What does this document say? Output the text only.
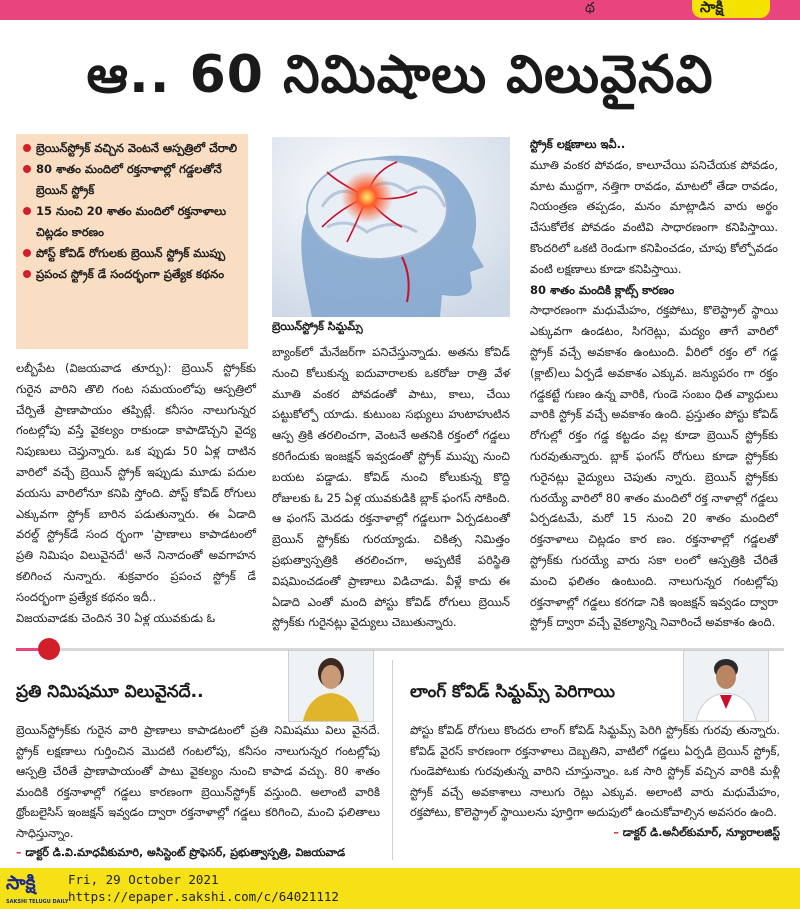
థ	సాక్షి
ఆ.. 60 నిమిషాలు విలువైనవి
బ్రెయిన్‌స్ట్రోక్ వచ్చిన వెంటనే ఆస్పత్రిలో చేరాలి
80 శాతం మందిలో రక్తనాళాల్లో గడ్డలతోనే బ్రెయిన్ స్ట్రోక్
15 నుంచి 20 శాతం మందిలో రక్తనాళాలు చిట్లడం కారణం
పోస్ట్ కోవిడ్ రోగులకు బ్రెయిన్ స్ట్రోక్ ముప్పు
ప్రపంచ స్ట్రోక్ డే సందర్భంగా ప్రత్యేక కథనం
బ్రెయిన్‌స్ట్రోక్ సిమ్టమ్స్

లబ్బీపేట (విజయవాడ తూర్పు): బ్రెయిన్ స్ట్రోక్‌కు గురైన వారిని తొలి గంట సమయంలోపు ఆస్పత్రిలో చేర్పితే ప్రాణాపాయం తప్పిట్లే. కనీసం నాలుగున్నర గంటల్లోపు వస్తే వైకల్యం రాకుండా కాపాడొచ్చని వైద్య నిపుణులు చెప్తున్నారు. ఒక ప్పుడు 50 ఏళ్ల దాటిన వారిలో వచ్చే బ్రెయిన్ స్ట్రోక్ ఇప్పుడు మూడు పదుల వయసు వారిలోనూ కనిపి స్తోంది. పోస్ట్ కోవిడ్ రోగులు ఎక్కువగా స్ట్రోక్ బారిన పడుతున్నారు. ఈ ఏడాది వరల్డ్ స్ట్రోక్‌డే సంద ర్భంగా 'ప్రాణాలు కాపాడటంలో ప్రతి నిమిషం విలువైనదే' అనే నినాదంతో అవగాహన కలిగించ నున్నారు. శుక్రవారం ప్రపంచ స్ట్రోక్ డే సందర్భంగా ప్రత్యేక కథనం ఇదీ..

విజయవాడకు చెందిన 30 ఏళ్ల యువకుడు ఓ

బ్యాంక్‌లో మేనేజర్‌గా పనిచేస్తున్నాడు. అతను కోవిడ్ నుంచి కోలుకున్న ఐదువారాలకు ఒకరోజు రాత్రి వేళ మూతి వంకర పోవడంతో పాటు, కాలు, చేయి పట్టుకోల్పో యాడు. కుటుంబ సభ్యులు హుటాహుటిన ఆస్ప త్రికి తరలించగా, వెంటనే అతనికి రక్తంలో గడ్డలు కరిగేందుకు ఇంజక్షన్ ఇవ్వడంతో స్ట్రోక్ ముప్పు నుంచి బయట పడ్డాడు. కోవిడ్ నుంచి కోలుకున్న కొద్ది రోజులకు ఓ 25 ఏళ్ల యువకుడికి బ్లాక్ ఫంగస్ సోకింది. ఆ ఫంగస్ మెదడు రక్తనాళాల్లో గడ్డలుగా ఏర్పడటంతో బ్రెయిన్ స్ట్రోక్‌కు గురయ్యాడు. చికిత్స నిమిత్తం ప్రభుత్వాస్పత్రికి తరలించగా, అప్పటికే పరిస్థితి విషమించడంతో ప్రాణాలు విడిచాడు. వీళ్లే కాదు ఈ ఏడాది ఎంతో మంది పోస్టు కోవిడ్ రోగులు బ్రెయిన్ స్ట్రోక్‌కు గురైనట్లు వైద్యులు చెబుతున్నారు.

స్ట్రోక్ లక్షణాలు ఇవీ..

మూతి వంకర పోవడం, కాలూచేయి పనిచేయక పోవడం, మాట ముద్దగా, నత్తిగా రావడం, మాటలో తేడా రావడం, నియంత్రణ తప్పడం, మనం మాట్లాడిన వారు అర్థం చేసుకోలేక పోవడం వంటివి సాధారణంగా కనిపిస్తాయి. కొందరిలో ఒకటి రెండుగా కనిపించడం, చూపు కోల్పోవడం వంటి లక్షణాలు కూడా కనిపిస్తాయి.

80 శాతం మందికి క్లాట్స్ కారణం

సాధారణంగా మధుమేహం, రక్తపోటు, కొలెస్ట్రాల్ స్థాయి ఎక్కువగా ఉండటం, సిగరెట్లు, మద్యం తాగే వారిలో స్ట్రోక్ వచ్చే అవకాశం ఉంటుంది. వీరిలో రక్తం లో గడ్డ (క్లాట్)లు ఏర్పడే అవకాశం ఎక్కువ. జన్యుపరం గా రక్తం గడ్డకట్టే గుణం ఉన్న వారికి, గుండె సంబం ధిత వ్యాధులు వారికి స్ట్రోక్ వచ్చే అవకాశం ఉంది. ప్రస్తుతం పోస్టు కోవిడ్ రోగుల్లో రక్తం గడ్డ కట్టడం వల్ల కూడా బ్రెయిన్ స్ట్రోక్‌కు గురవుతున్నారు. బ్లాక్ ఫంగస్ రోగులు కూడా స్ట్రోక్‌కు గురైనట్లు వైద్యులు చెపుతు న్నారు. బ్రెయిన్ స్ట్రోక్‌కు గురయ్యే వారిలో 80 శాతం మందిలో రక్త నాళాల్లో గడ్డలు ఏర్పడటమే, మరో 15 నుంచి 20 శాతం మందిలో రక్తనాళాలు చిట్లడం కార ణం. రక్తనాళాల్లో గడ్డలతో స్ట్రోక్‌కు గురయ్యే వారు సకా లంలో ఆస్పత్రికి చేరితే మంచి ఫలితం ఉంటుంది. నాలుగున్నర గంటల్లోపు రక్తనాళాల్లో గడ్డలు కరగడా నికి ఇంజక్షన్ ఇవ్వడం ద్వారా స్ట్రోక్ ద్వారా వచ్చే వైకల్యాన్ని నివారించే అవకాశం ఉంది.

ప్రతి నిమిషమూ విలువైనదే..	లాంగ్ కోవిడ్ సిమ్టమ్స్ పెరిగాయి

బ్రెయిన్‌స్ట్రోక్‌కు గురైన వారి ప్రాణాలు కాపాడటంలో ప్రతి నిమిషము విలు వైనదే. స్ట్రోక్ లక్షణాలు గుర్తించిన మొదటి గంటలోపు, కనీసం నాలుగున్నర గంటల్లోపు ఆస్పత్రి చేరితే ప్రాణాపాయంతో పాటు వైకల్యం నుంచి కాపాడ వచ్చు. 80 శాతం మందికి రక్తనాళాల్లో గడ్డలు కారణంగా బ్రెయిన్‌స్ట్రోక్ వస్తుంది. అలాంటి వారికి థ్రోంబలైసిస్ ఇంజక్షన్ ఇవ్వడం ద్వారా రక్తనాళాల్లో గడ్డలు కరిగించి, మంచి ఫలితాలు సాధిస్తున్నాం.

– డాక్టర్ డి.వి.మాధవీకుమారి, అసిస్టెంట్ ప్రొఫెసర్, ప్రభుత్వాస్పత్రి, విజయవాడ

పోస్టు కోవిడ్ రోగులు కొందరు లాంగ్ కోవిడ్ సిమ్టమ్స్ పెరిగి స్ట్రోక్‌కు గురవు తున్నారు. కోవిడ్ వైరస్ కారణంగా రక్తనాళాలు దెబ్బతిని, వాటిలో గడ్డలు ఏర్పడి బ్రెయిన్ స్ట్రోక్, గుండెపోటుకు గురవుతున్న వారిని చూస్తున్నాం. ఒక సారి స్ట్రోక్ వచ్చిన వారికి మళ్లీ స్ట్రోక్ వచ్చే అవకాశాలు నాలుగు రెట్లు ఎక్కువ. అలాంటి వారు మధుమేహం, రక్తపోటు, కొలెస్ట్రాల్ స్థాయిలను పూర్తిగా అదుపులో ఉంచుకోవాల్సిన అవసరం ఉంది.

– డాక్టర్ డి.అనీల్‌కుమార్, న్యూరాలజిస్ట్

సాక్షి
SAKSHI TELUGU DAILY
Fri, 29 October 2021
https://epaper.sakshi.com/c/64021112
